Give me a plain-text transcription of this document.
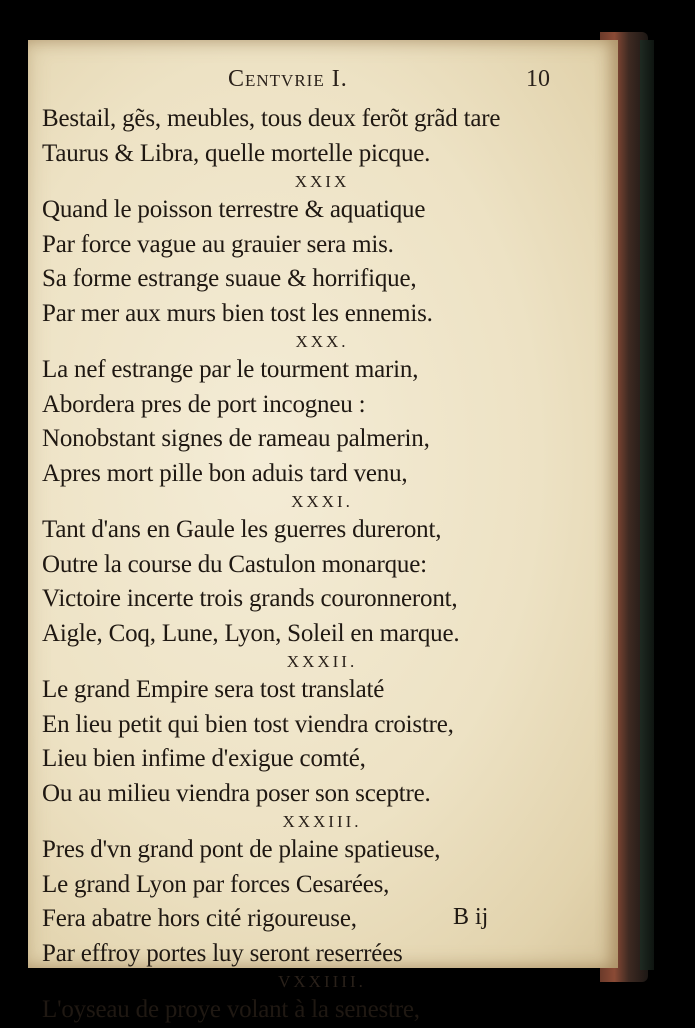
Centvrie I.	10
Bestail, gẽs, meubles, tous deux ferõt grãd tare
Taurus & Libra, quelle mortelle picque.
XXIX
Quand le poisson terrestre & aquatique
Par force vague au grauier sera mis.
Sa forme estrange suaue & horrifique,
Par mer aux murs bien tost les ennemis.
XXX.
La nef estrange par le tourment marin,
Abordera pres de port incogneu :
Nonobstant signes de rameau palmerin,
Apres mort pille bon aduis tard venu,
XXXI.
Tant d'ans en Gaule les guerres dureront,
Outre la course du Castulon monarque:
Victoire incerte trois grands couronneront,
Aigle, Coq, Lune, Lyon, Soleil en marque.
XXXII.
Le grand Empire sera tost translaté
En lieu petit qui bien tost viendra croistre,
Lieu bien infime d'exigue comté,
Ou au milieu viendra poser son sceptre.
XXXIII.
Pres d'vn grand pont de plaine spatieuse,
Le grand Lyon par forces Cesarées,
Fera abatre hors cité rigoureuse,
Par effroy portes luy seront reserrées
VXXIIII.
L'oyseau de proye volant à la senestre,
B ij
